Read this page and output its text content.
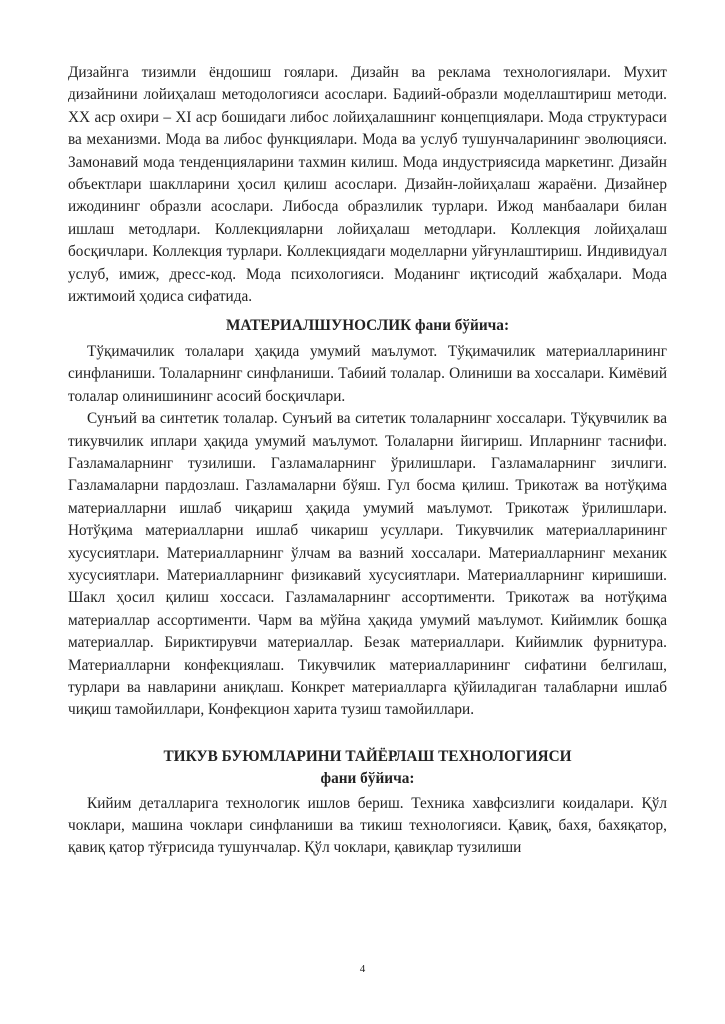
Дизайнга тизимли ёндошиш гоялари. Дизайн ва реклама технологиялари. Мухит дизайнини лойиҳалаш методологияси асослари. Бадиий-образли моделлаштириш методи. XX аср охири – XI аср бошидаги либос лойиҳалашнинг концепциялари. Мода структураси ва механизми. Мода ва либос функциялари. Мода ва услуб тушунчаларининг эволюцияси. Замонавий мода тенденцияларини тахмин килиш. Мода индустриясида маркетинг. Дизайн объектлари шаклларини ҳосил қилиш асослари. Дизайн-лойиҳалаш жараёни. Дизайнер ижодининг образли асослари. Либосда образлилик турлари. Ижод манбаалари билан ишлаш методлари. Коллекцияларни лойиҳалаш методлари. Коллекция лойиҳалаш босқичлари. Коллекция турлари. Коллекциядаги моделларни уйғунлаштириш. Индивидуал услуб, имиж, дресс-код. Мода психологияси. Моданинг иқтисодий жабҳалари. Мода ижтимоий ҳодиса сифатида.

МАТЕРИАЛШУНОСЛИК фани бўйича:

Тўқимачилик толалари ҳақида умумий маълумот. Тўқимачилик материалларининг синфланиши. Толаларнинг синфланиши. Табиий толалар. Олиниши ва хоссалари. Кимёвий толалар олинишининг асосий босқичлари.

Сунъий ва синтетик толалар. Сунъий ва ситетик толаларнинг хоссалари. Тўқувчилик ва тикувчилик иплари ҳақида умумий маълумот. Толаларни йигириш. Ипларнинг таснифи. Газламаларнинг тузилиши. Газламаларнинг ўрилишлари. Газламаларнинг зичлиги. Газламаларни пардозлаш. Газламаларни бўяш. Гул босма қилиш. Трикотаж ва нотўқима материалларни ишлаб чиқариш ҳақида умумий маълумот. Трикотаж ўрилишлари. Нотўқима материалларни ишлаб чикариш усуллари. Тикувчилик материалларининг хусусиятлари. Материалларнинг ўлчам ва вазний хоссалари. Материалларнинг механик хусусиятлари. Материалларнинг физикавий хусусиятлари. Материалларнинг киришиши. Шакл ҳосил қилиш хоссаси. Газламаларнинг ассортименти. Трикотаж ва нотўқима материаллар ассортименти. Чарм ва мўйна ҳақида умумий маълумот. Кийимлик бошқа материаллар. Бириктирувчи материаллар. Безак материаллари. Кийимлик фурнитура. Материалларни конфекциялаш. Тикувчилик материалларининг сифатини белгилаш, турлари ва навларини аниқлаш. Конкрет материалларга қўйиладиган талабларни ишлаб чиқиш тамойиллари, Конфекцион харита тузиш тамойиллари.

ТИКУВ БУЮМЛАРИНИ ТАЙЁРЛАШ ТЕХНОЛОГИЯСИ

фани бўйича:

Кийим деталларига технологик ишлов бериш. Техника хавфсизлиги коидалари. Қўл чоклари, машина чоклари синфланиши ва тикиш технологияси. Қавиқ, бахя, бахяқатор, қавиқ қатор тўғрисида тушунчалар. Қўл чоклари, қавиқлар тузилиши

4
